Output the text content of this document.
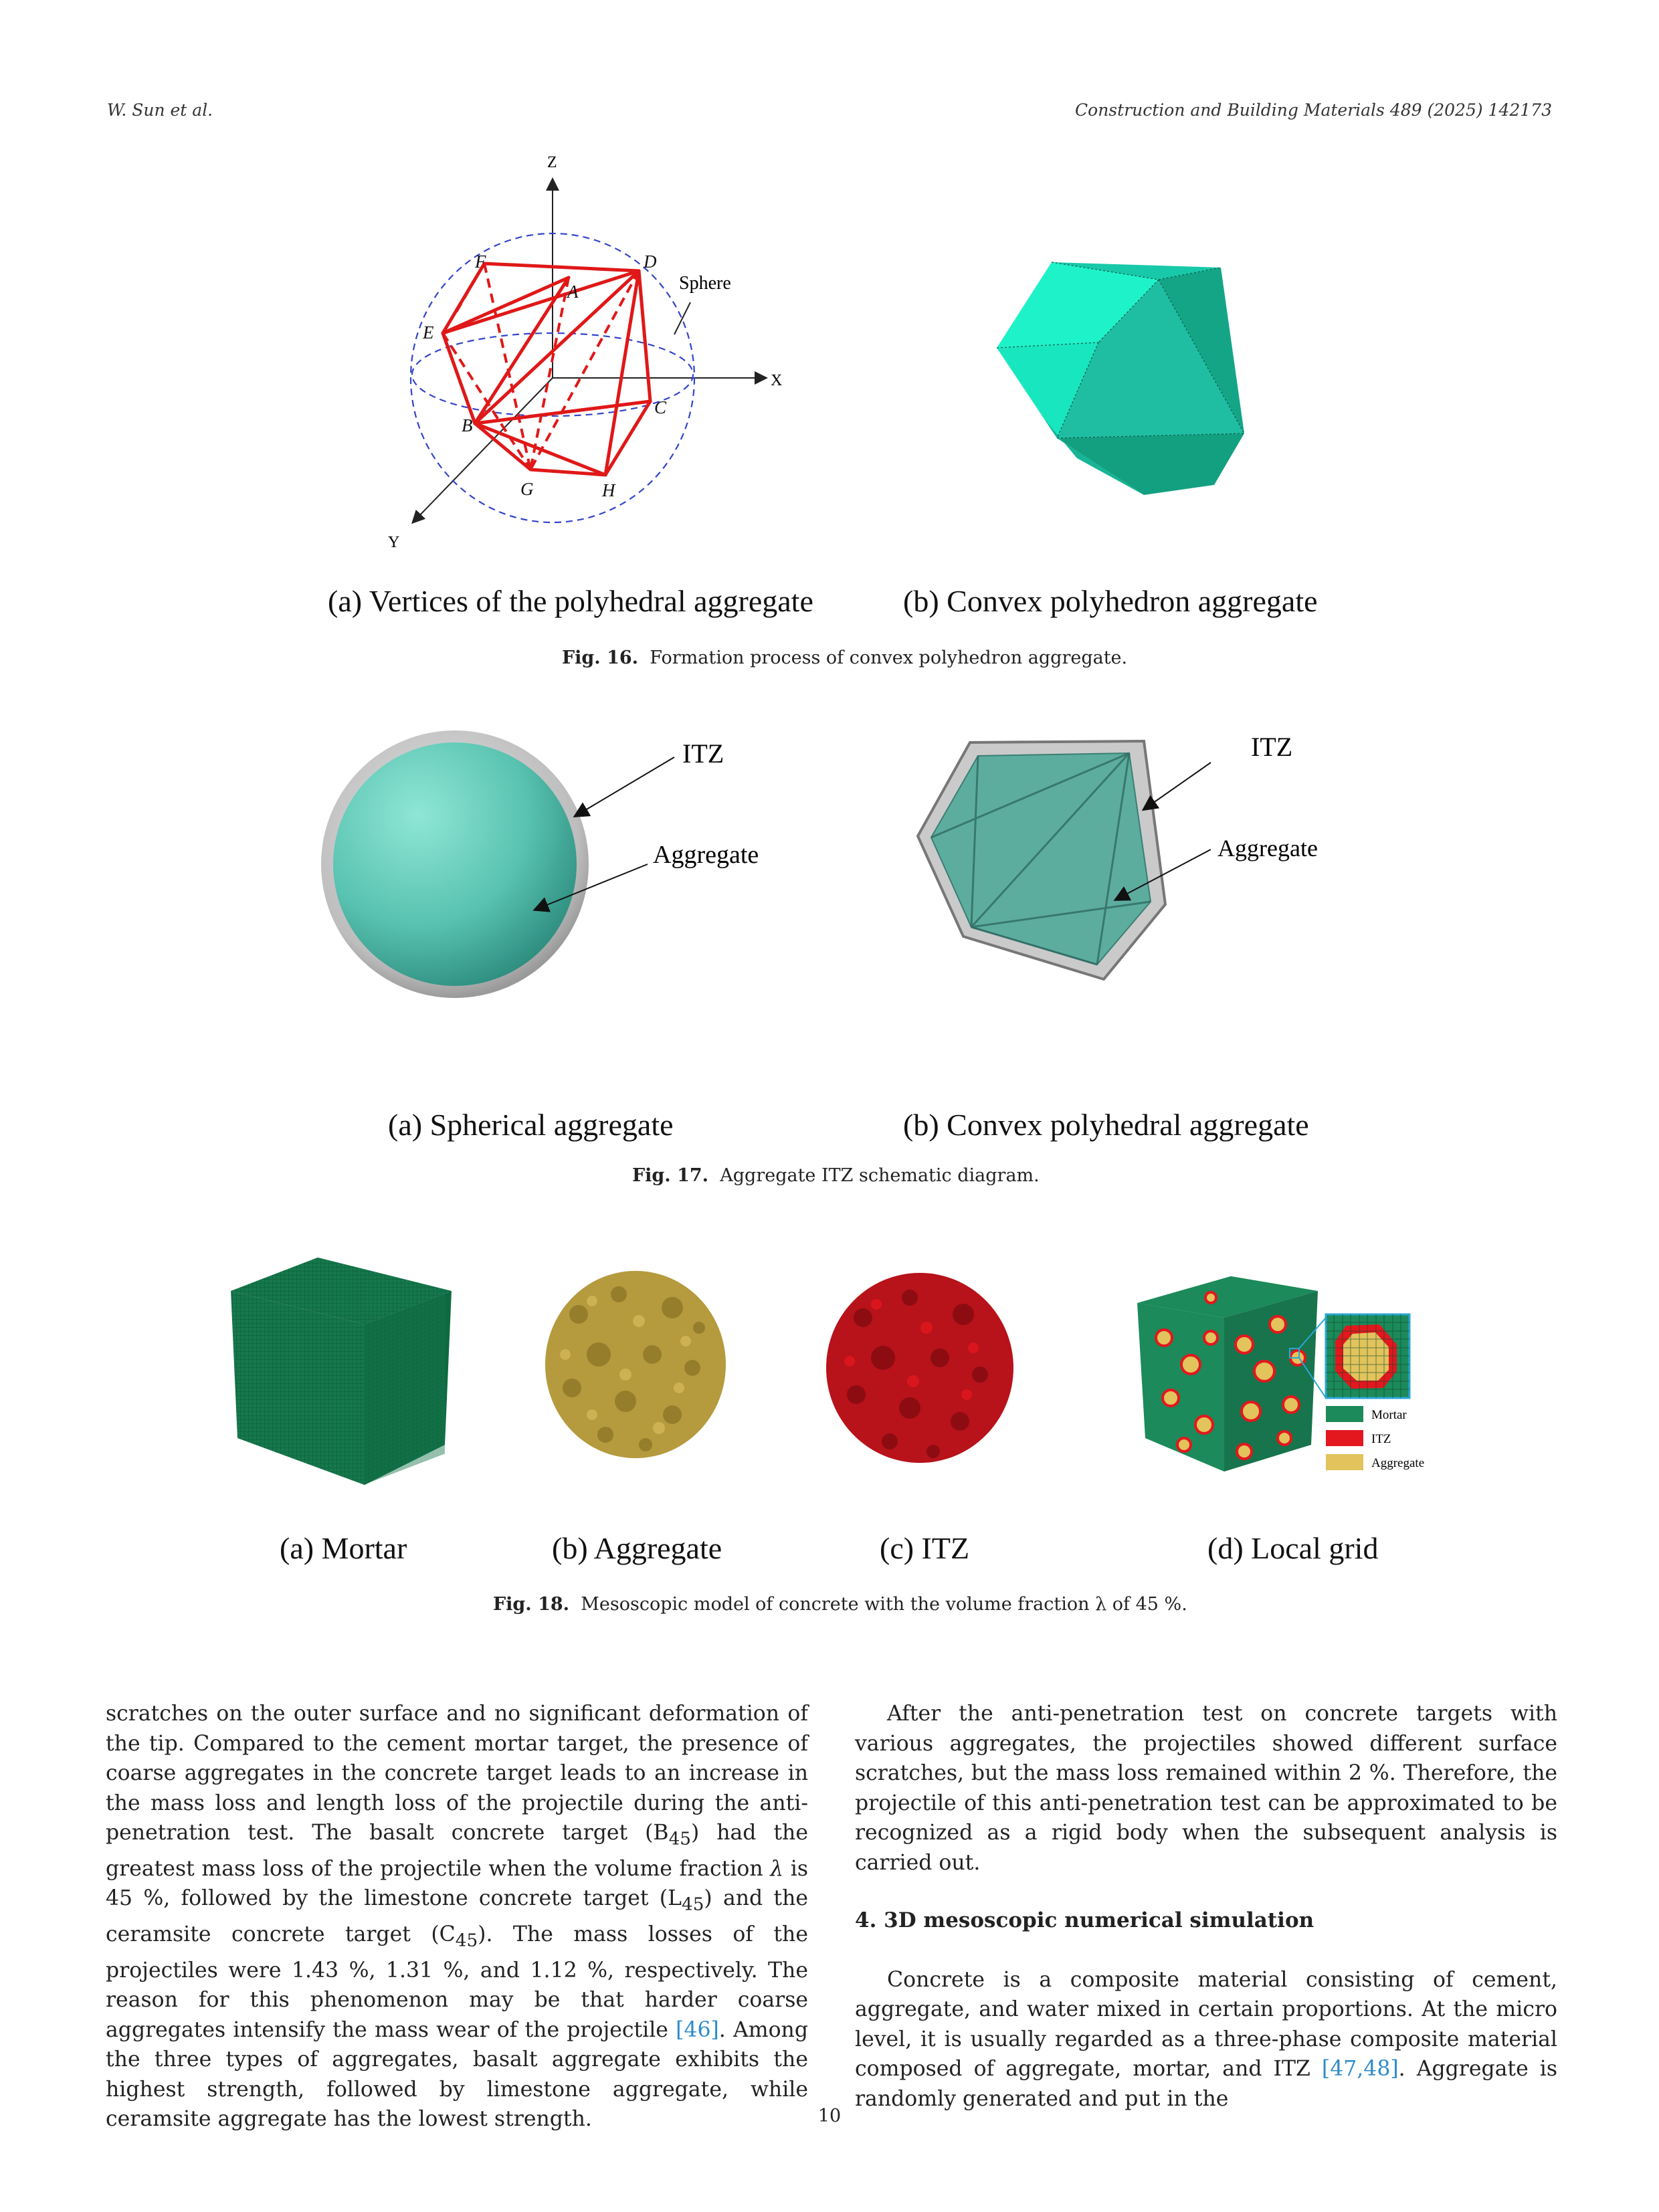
W. Sun et al.	Construction and Building Materials 489 (2025) 142173
Z
X
Y
A
B
C
D
E
F
G	H
Sphere
(a) Vertices of the polyhedral aggregate	(b) Convex polyhedron aggregate
Fig. 16. Formation process of convex polyhedron aggregate.
ITZ
Aggregate
ITZ
Aggregate
(a) Spherical aggregate	(b) Convex polyhedral aggregate
Fig. 17. Aggregate ITZ schematic diagram.
Mortar
ITZ
Aggregate
(a) Mortar	(b) Aggregate	(c) ITZ	(d) Local grid
Fig. 18. Mesoscopic model of concrete with the volume fraction λ of 45 %.

scratches on the outer surface and no significant deformation of the tip. Compared to the cement mortar target, the presence of coarse aggregates in the concrete target leads to an increase in the mass loss and length loss of the projectile during the anti-penetration test. The basalt concrete target $(B_{45})$ had the greatest mass loss of the projectile when the volume fraction λ is 45 %, followed by the limestone concrete target $(L_{45})$ and the ceramsite concrete target $(C_{45})$. The mass losses of the projectiles were 1.43 %, 1.31 %, and 1.12 %, respectively. The reason for this phenomenon may be that harder coarse aggregates intensify the mass wear of the projectile [46]. Among the three types of aggregates, basalt aggregate exhibits the highest strength, followed by limestone aggregate, while ceramsite aggregate has the lowest strength.

After the anti-penetration test on concrete targets with various aggregates, the projectiles showed different surface scratches, but the mass loss remained within 2 %. Therefore, the projectile of this anti-penetration test can be approximated to be recognized as a rigid body when the subsequent analysis is carried out.

4. 3D mesoscopic numerical simulation

Concrete is a composite material consisting of cement, aggregate, and water mixed in certain proportions. At the micro level, it is usually regarded as a three-phase composite material composed of aggregate, mortar, and ITZ [47,48]. Aggregate is randomly generated and put in the

10
